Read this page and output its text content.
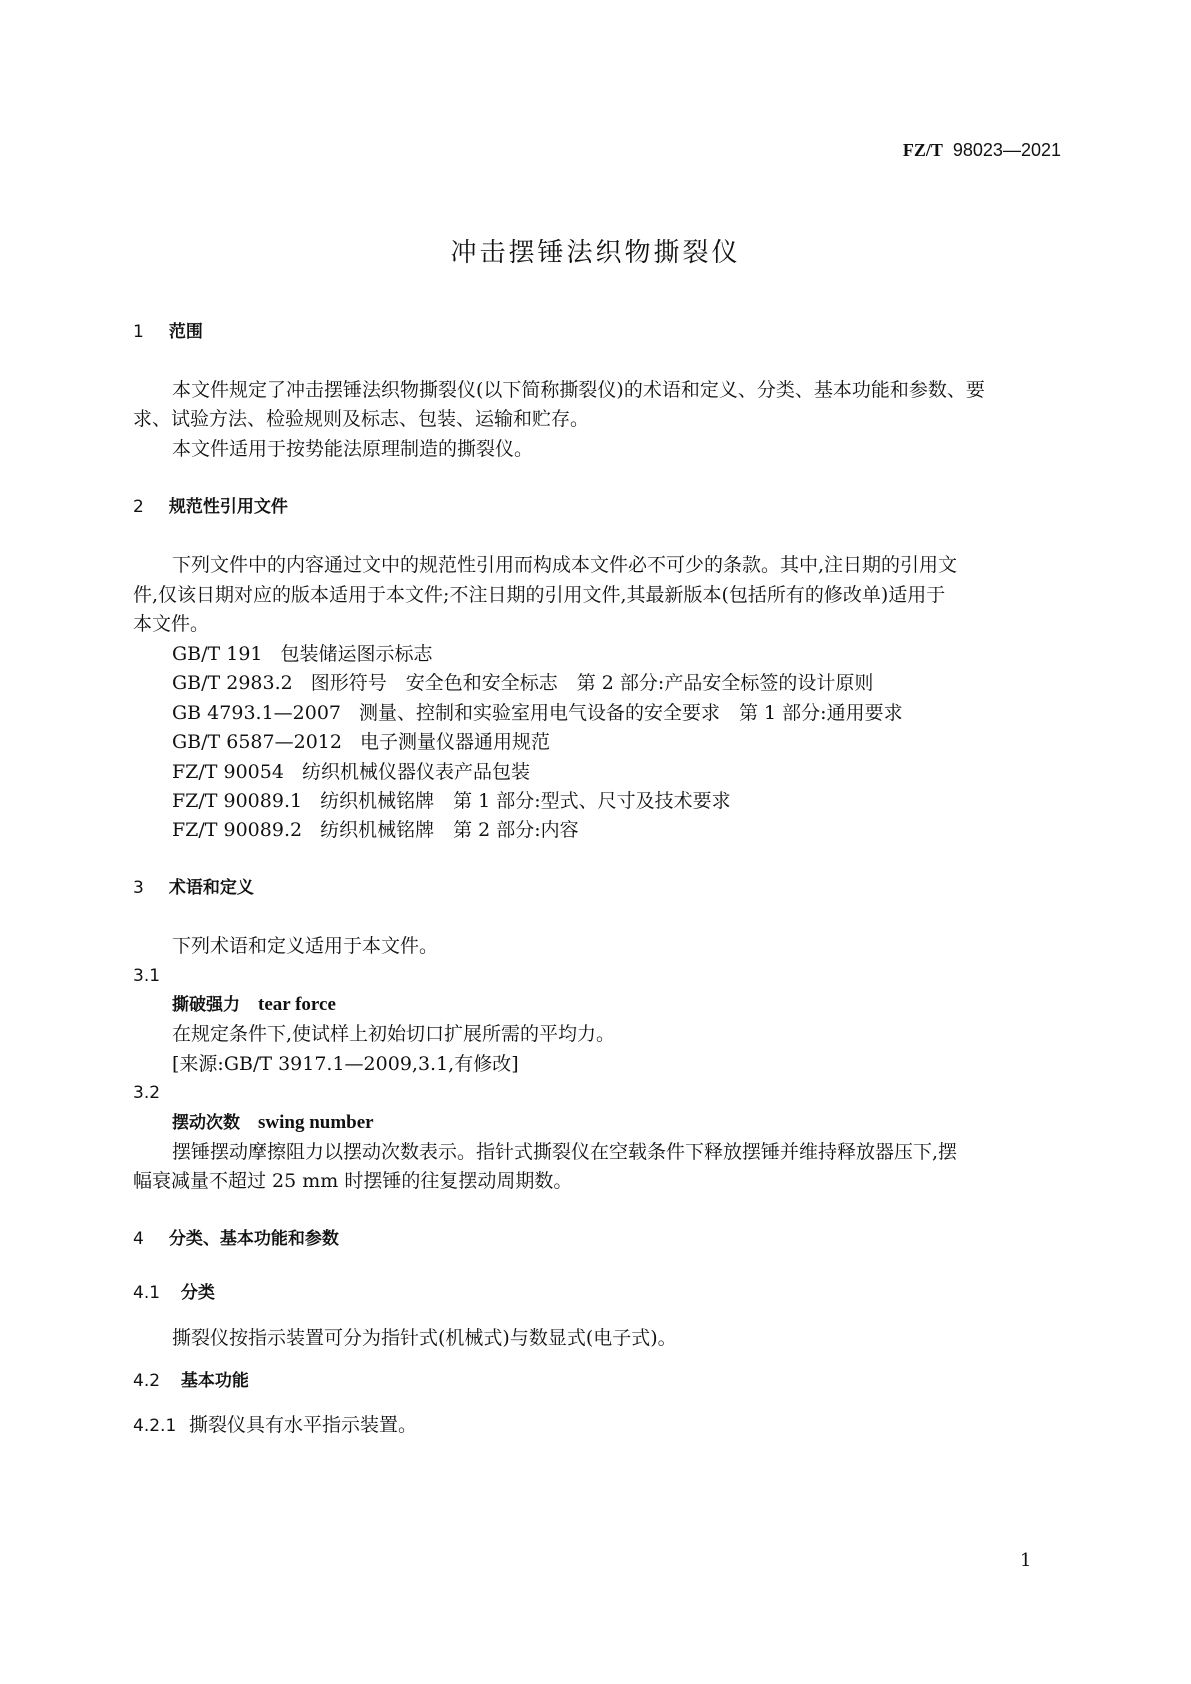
FZ/T 98023—2021
冲击摆锤法织物撕裂仪
1 范围
本文件规定了冲击摆锤法织物撕裂仪(以下简称撕裂仪)的术语和定义、分类、基本功能和参数、要
求、试验方法、检验规则及标志、包装、运输和贮存。
本文件适用于按势能法原理制造的撕裂仪。
2 规范性引用文件
下列文件中的内容通过文中的规范性引用而构成本文件必不可少的条款。其中,注日期的引用文
件,仅该日期对应的版本适用于本文件;不注日期的引用文件,其最新版本(包括所有的修改单)适用于
本文件。
GB/T 191 包装储运图示标志
GB/T 2983.2 图形符号　安全色和安全标志　第 2 部分:产品安全标签的设计原则
GB 4793.1—2007 测量、控制和实验室用电气设备的安全要求　第 1 部分:通用要求
GB/T 6587—2012 电子测量仪器通用规范
FZ/T 90054 纺织机械仪器仪表产品包装
FZ/T 90089.1 纺织机械铭牌　第 1 部分:型式、尺寸及技术要求
FZ/T 90089.2 纺织机械铭牌　第 2 部分:内容
3 术语和定义
下列术语和定义适用于本文件。
3.1
撕破强力 tear force
在规定条件下,使试样上初始切口扩展所需的平均力。
[来源:GB/T 3917.1—2009,3.1,有修改]
3.2
摆动次数 swing number
摆锤摆动摩擦阻力以摆动次数表示。指针式撕裂仪在空载条件下释放摆锤并维持释放器压下,摆
幅衰减量不超过 25 mm 时摆锤的往复摆动周期数。
4 分类、基本功能和参数
4.1 分类
撕裂仪按指示装置可分为指针式(机械式)与数显式(电子式)。
4.2 基本功能
4.2.1 撕裂仪具有水平指示装置。
1
